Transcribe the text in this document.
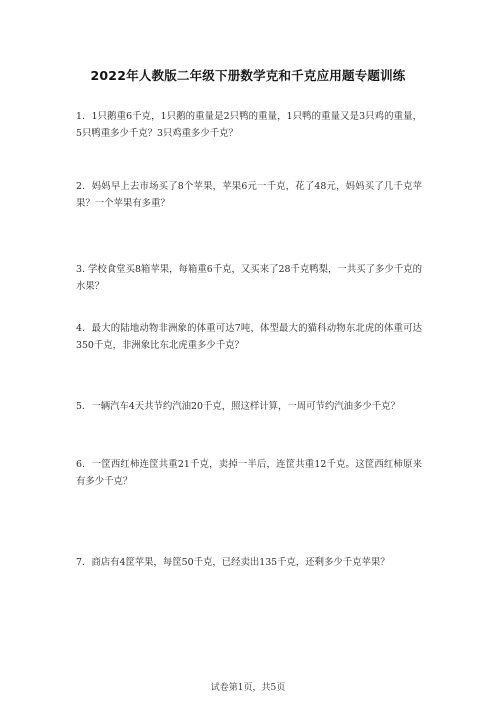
2022年人教版二年级下册数学克和千克应用题专题训练
1．1只鹅重6千克，1只鹅的重量是2只鸭的重量，1只鸭的重量又是3只鸡的重量，5只鸭重多少千克？3只鸡重多少千克？
2．妈妈早上去市场买了8个苹果，苹果6元一千克，花了48元，妈妈买了几千克苹果？一个苹果有多重？
3. 学校食堂买8箱苹果，每箱重6千克，又买来了28千克鸭梨，一共买了多少千克的水果？
4．最大的陆地动物非洲象的体重可达7吨，体型最大的猫科动物东北虎的体重可达350千克，非洲象比东北虎重多少千克？
5．一辆汽车4天共节约汽油20千克，照这样计算，一周可节约汽油多少千克？
6．一筐西红柿连筐共重21千克，卖掉一半后，连筐共重12千克。这筐西红柿原来有多少千克？
7．商店有4筐苹果，每筐50千克，已经卖出135千克，还剩多少千克苹果？
试卷第1页，共5页
